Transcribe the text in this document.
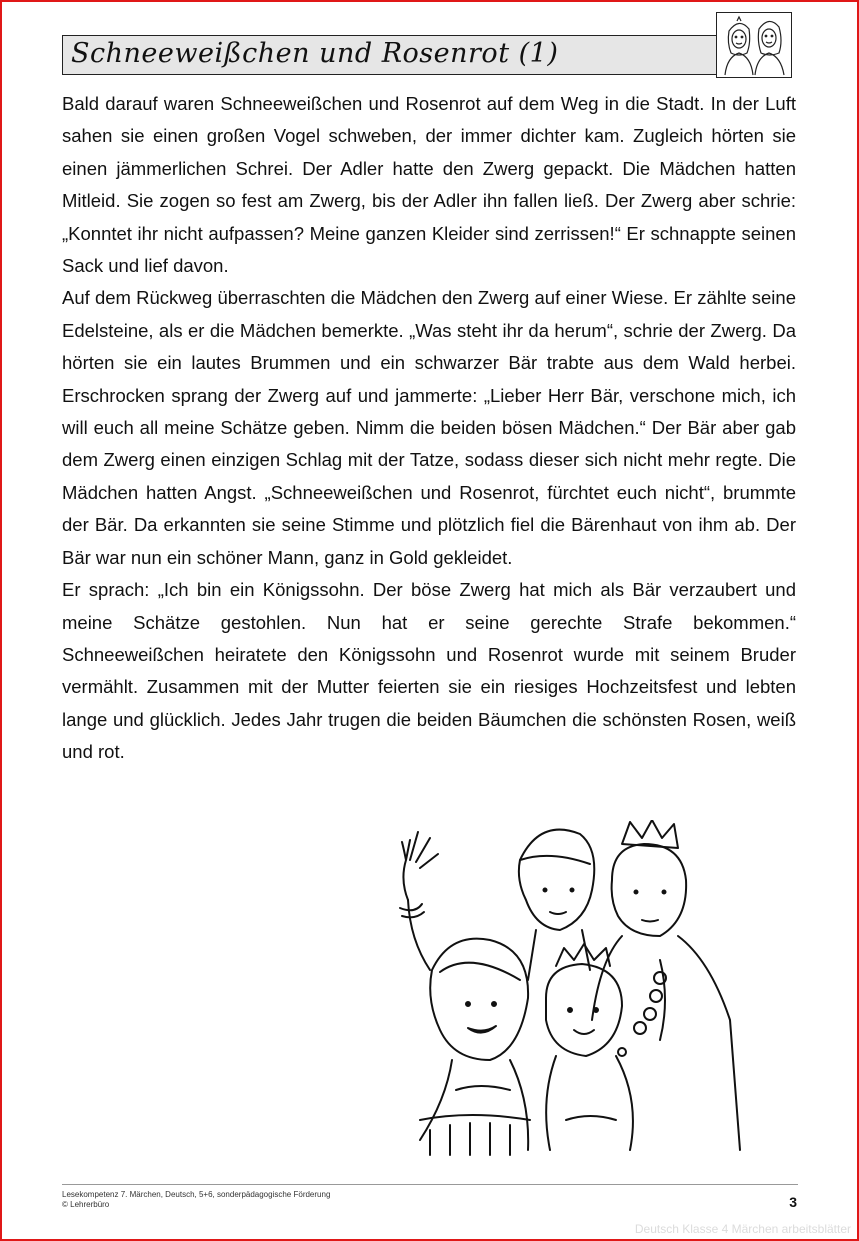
Schneeweißchen und Rosenrot (1)

Bald darauf waren Schneeweißchen und Rosenrot auf dem Weg in die Stadt. In der Luft sahen sie einen großen Vogel schweben, der immer dichter kam. Zugleich hörten sie einen jämmerlichen Schrei. Der Adler hatte den Zwerg gepackt. Die Mädchen hatten Mitleid. Sie zogen so fest am Zwerg, bis der Adler ihn fallen ließ. Der Zwerg aber schrie: „Konntet ihr nicht aufpassen? Meine ganzen Kleider sind zerrissen!“ Er schnappte seinen Sack und lief davon.

Auf dem Rückweg überraschten die Mädchen den Zwerg auf einer Wiese. Er zählte seine Edelsteine, als er die Mädchen bemerkte. „Was steht ihr da herum“, schrie der Zwerg. Da hörten sie ein lautes Brummen und ein schwarzer Bär trabte aus dem Wald herbei. Erschrocken sprang der Zwerg auf und jammerte: „Lieber Herr Bär, verschone mich, ich will euch all meine Schätze geben. Nimm die beiden bösen Mädchen.“ Der Bär aber gab dem Zwerg einen einzigen Schlag mit der Tatze, sodass dieser sich nicht mehr regte. Die Mädchen hatten Angst. „Schneeweißchen und Rosenrot, fürchtet euch nicht“, brummte der Bär. Da erkannten sie seine Stimme und plötzlich fiel die Bärenhaut von ihm ab. Der Bär war nun ein schöner Mann, ganz in Gold gekleidet.

Er sprach: „Ich bin ein Königssohn. Der böse Zwerg hat mich als Bär verzaubert und meine Schätze gestohlen. Nun hat er seine gerechte Strafe bekommen.“ Schneeweißchen heiratete den Königssohn und Rosenrot wurde mit seinem Bruder vermählt. Zusammen mit der Mutter feierten sie ein riesiges Hochzeitsfest und lebten lange und glücklich. Jedes Jahr trugen die beiden Bäumchen die schönsten Rosen, weiß und rot.

Lesekompetenz 7. Märchen, Deutsch, 5+6, sonderpädagogische Förderung
© Lehrerbüro	3
Deutsch Klasse 4 Märchen arbeitsblätter
